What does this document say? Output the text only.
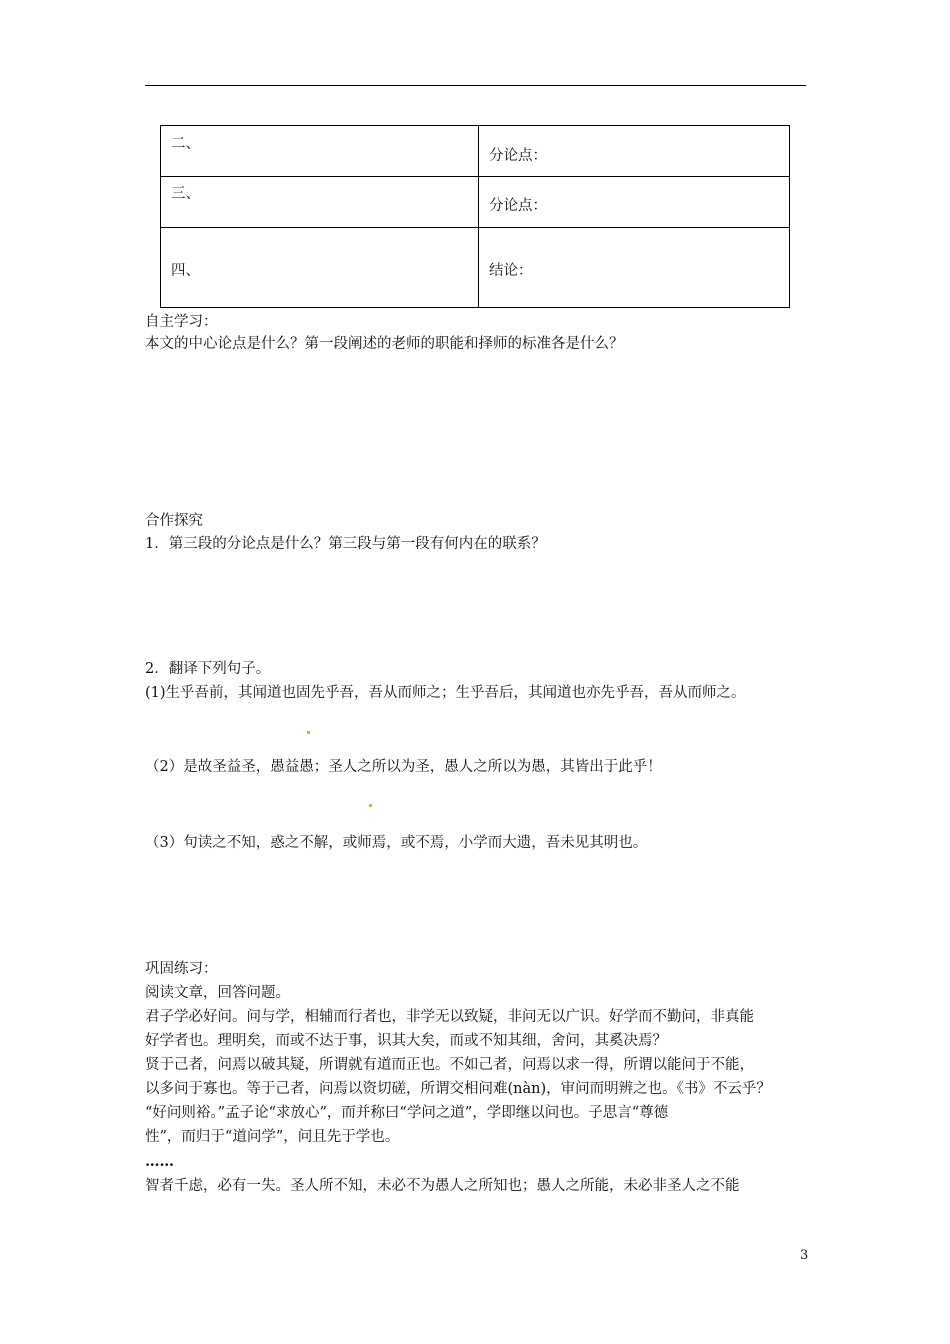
二、	分论点：

三、	分论点：

四、	结论：
自主学习：
本文的中心论点是什么？第一段阐述的老师的职能和择师的标准各是什么？
合作探究
1．第三段的分论点是什么？第三段与第一段有何内在的联系？
2．翻译下列句子。
(1)生乎吾前，其闻道也固先乎吾，吾从而师之；生乎吾后，其闻道也亦先乎吾，吾从而师之。
（2）是故圣益圣，愚益愚；圣人之所以为圣，愚人之所以为愚，其皆出于此乎！
（3）句读之不知，惑之不解，或师焉，或不焉，小学而大遗，吾未见其明也。
巩固练习：
阅读文章，回答问题。
君子学必好问。问与学，相辅而行者也，非学无以致疑，非问无以广识。好学而不勤问，非真能
好学者也。理明矣，而或不达于事，识其大矣，而或不知其细，舍问，其奚决焉？
贤于己者，问焉以破其疑，所谓就有道而正也。不如己者，问焉以求一得，所谓以能问于不能，
以多问于寡也。等于己者，问焉以资切磋，所谓交相问难(nàn)，审问而明辨之也。《书》不云乎？
“好问则裕。”孟子论“求放心”，而并称曰“学问之道”，学即继以问也。子思言“尊德
性”，而归于“道问学”，问且先于学也。
……
智者千虑，必有一失。圣人所不知，未必不为愚人之所知也；愚人之所能，未必非圣人之不能
3
